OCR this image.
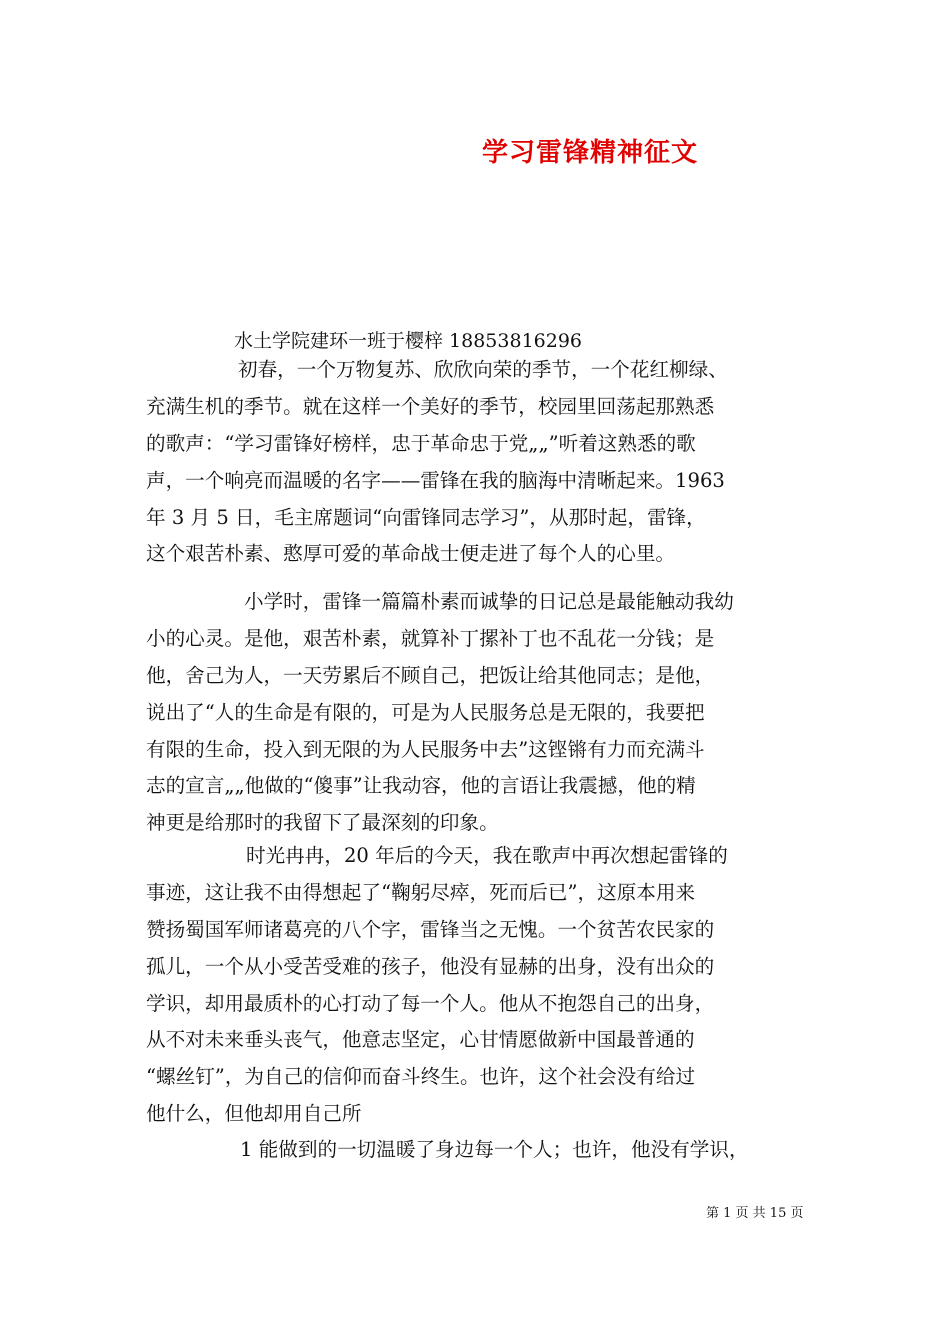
学习雷锋精神征文
水土学院建环一班于樱梓 18853816296
初春，一个万物复苏、欣欣向荣的季节，一个花红柳绿、
充满生机的季节。就在这样一个美好的季节，校园里回荡起那熟悉
的歌声：“学习雷锋好榜样，忠于革命忠于党„„”听着这熟悉的歌
声，一个响亮而温暖的名字——雷锋在我的脑海中清晰起来。1963
年 3 月 5 日，毛主席题词“向雷锋同志学习”，从那时起，雷锋，
这个艰苦朴素、憨厚可爱的革命战士便走进了每个人的心里。
小学时，雷锋一篇篇朴素而诚挚的日记总是最能触动我幼
小的心灵。是他，艰苦朴素，就算补丁摞补丁也不乱花一分钱；是
他，舍己为人，一天劳累后不顾自己，把饭让给其他同志；是他，
说出了“人的生命是有限的，可是为人民服务总是无限的，我要把
有限的生命，投入到无限的为人民服务中去”这铿锵有力而充满斗
志的宣言„„他做的“傻事”让我动容，他的言语让我震撼，他的精
神更是给那时的我留下了最深刻的印象。
时光冉冉，20 年后的今天，我在歌声中再次想起雷锋的
事迹，这让我不由得想起了“鞠躬尽瘁，死而后已”，这原本用来
赞扬蜀国军师诸葛亮的八个字，雷锋当之无愧。一个贫苦农民家的
孤儿，一个从小受苦受难的孩子，他没有显赫的出身，没有出众的
学识，却用最质朴的心打动了每一个人。他从不抱怨自己的出身，
从不对未来垂头丧气，他意志坚定，心甘情愿做新中国最普通的
“螺丝钉”，为自己的信仰而奋斗终生。也许，这个社会没有给过
他什么，但他却用自己所
1 能做到的一切温暖了身边每一个人；也许，他没有学识，
第 1 页 共 15 页
